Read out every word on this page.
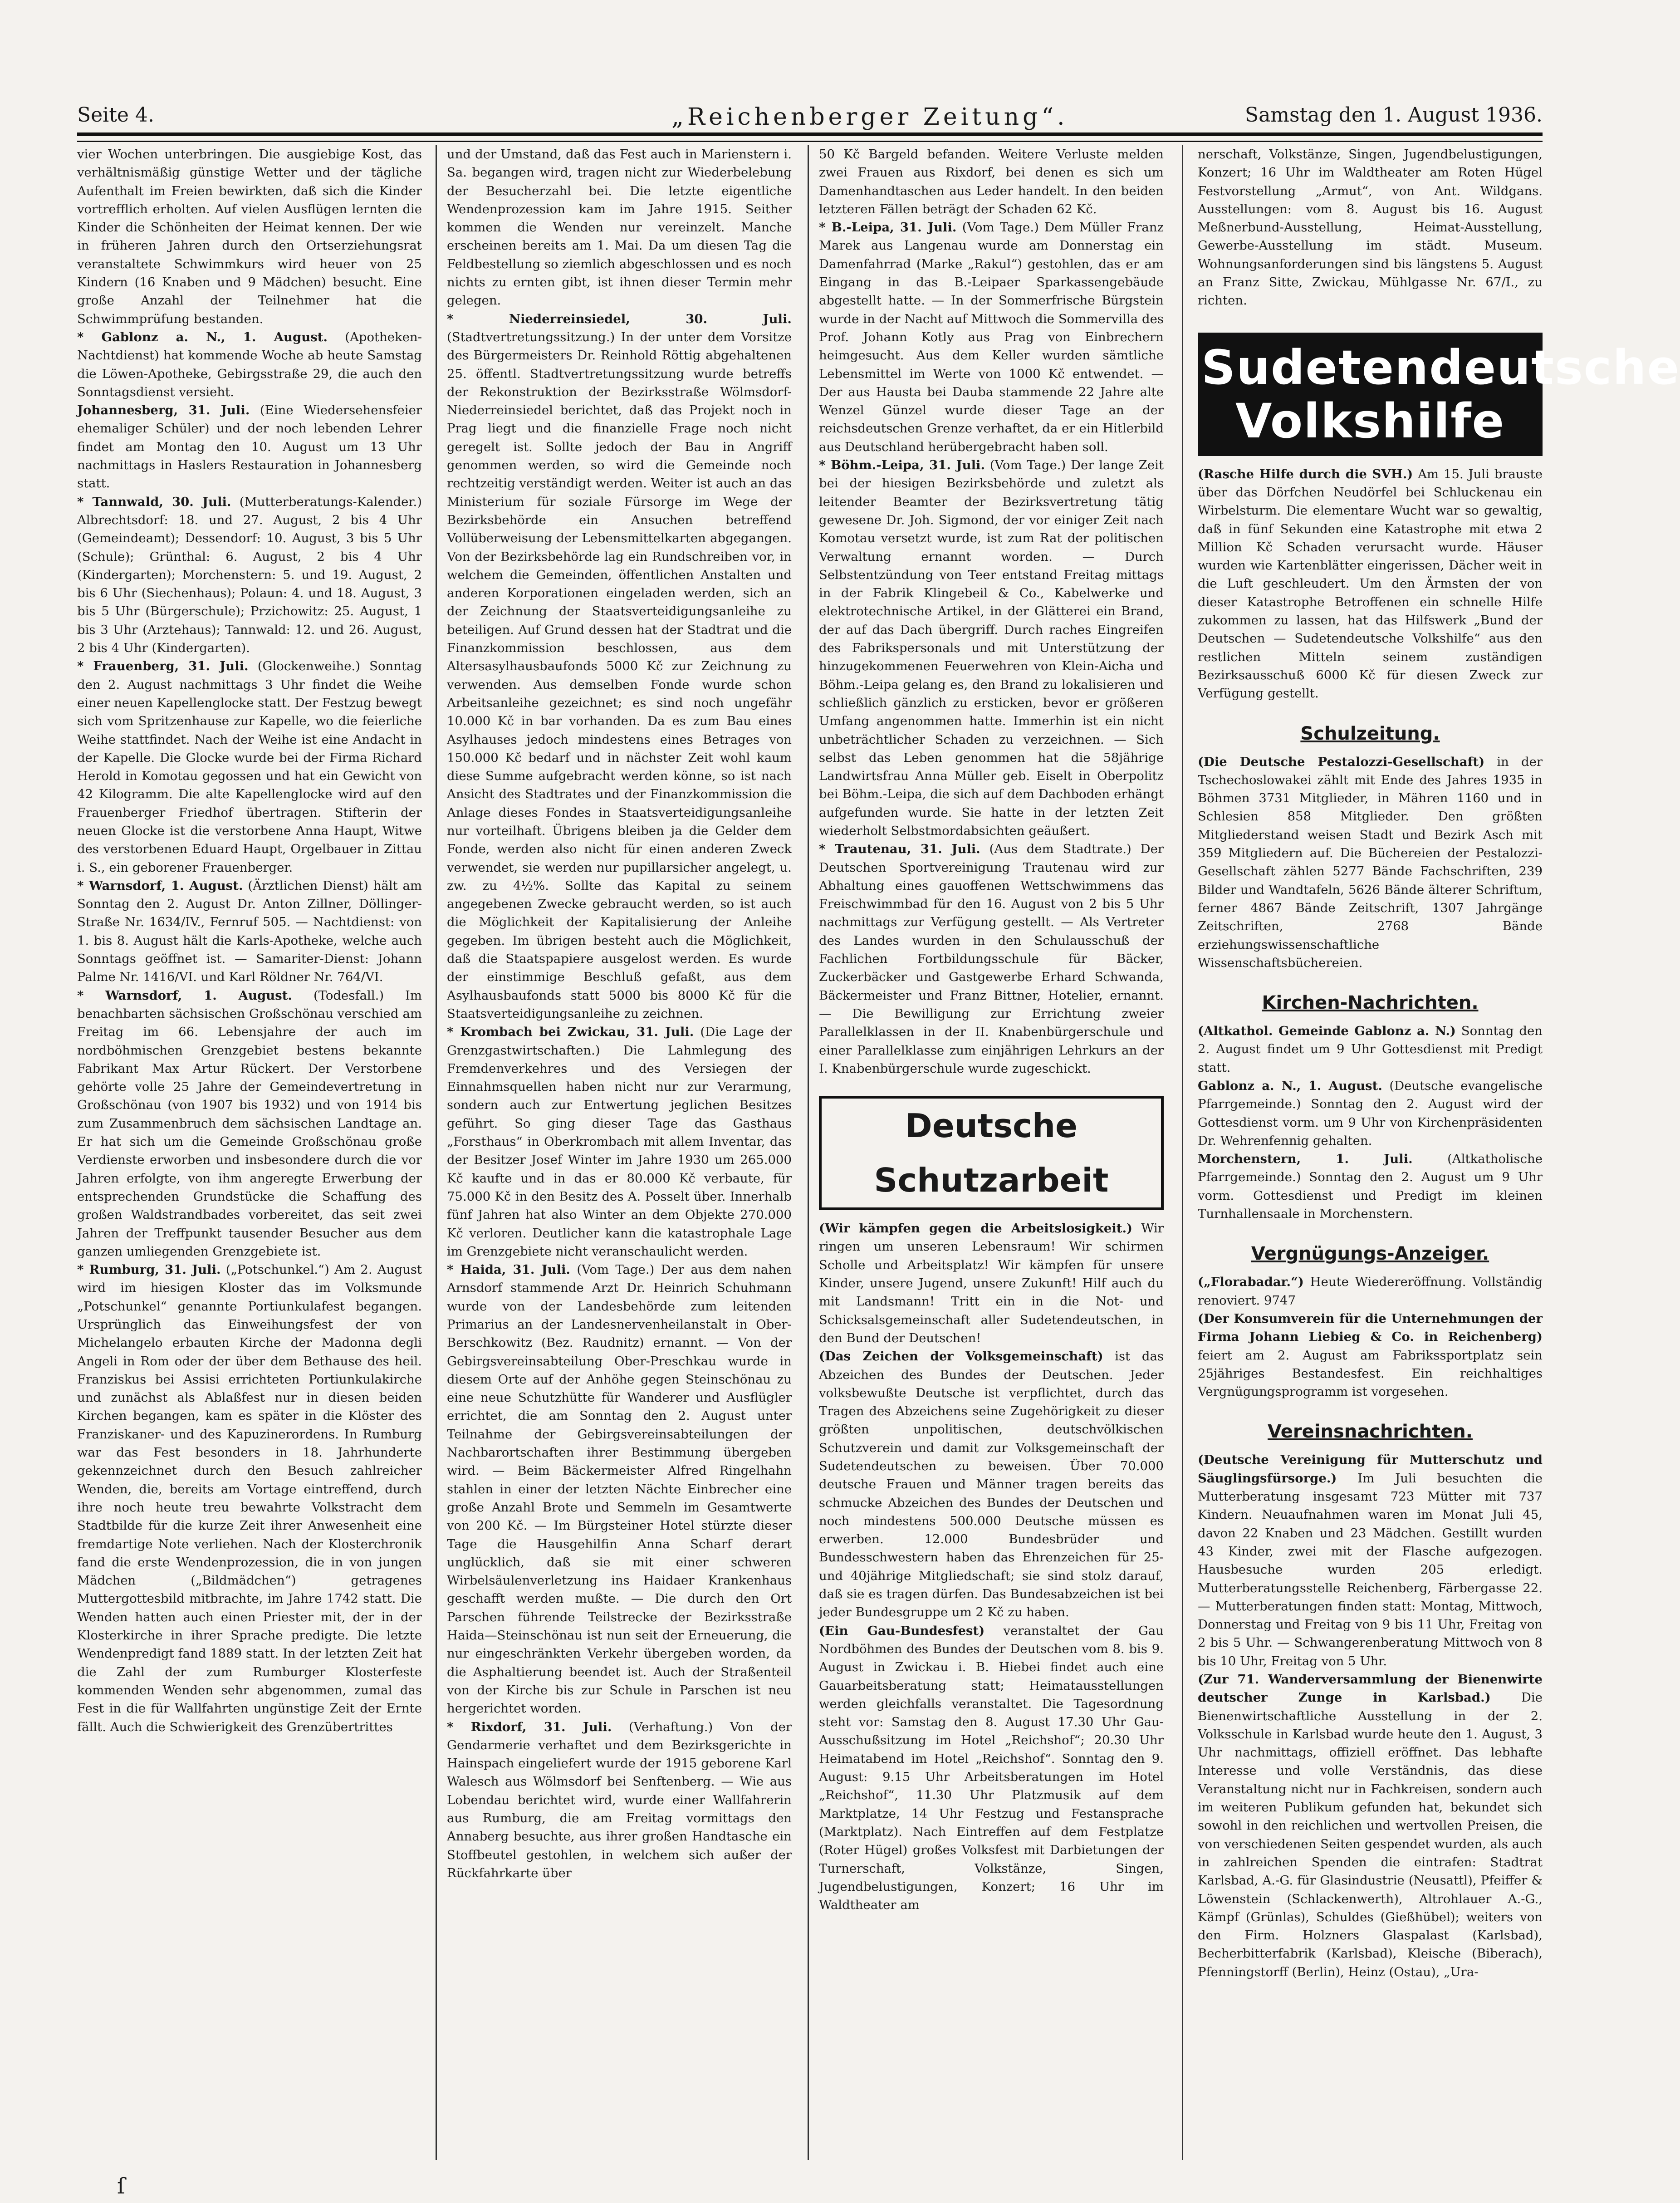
Seite 4.	„Reichenberger Zeitung“.	Samstag den 1. August 1936.

vier Wochen unterbringen. Die ausgiebige Kost, das verhältnismäßig günstige Wetter und der tägliche Aufenthalt im Freien bewirkten, daß sich die Kinder vortrefflich erholten. Auf vielen Ausflügen lernten die Kinder die Schönheiten der Heimat kennen. Der wie in früheren Jahren durch den Ortserziehungsrat veranstaltete Schwimmkurs wird heuer von 25 Kindern (16 Knaben und 9 Mädchen) besucht. Eine große Anzahl der Teilnehmer hat die Schwimmprüfung bestanden.

* Gablonz a. N., 1. August. (Apotheken-Nachtdienst) hat kommende Woche ab heute Samstag die Löwen-Apotheke, Gebirgsstraße 29, die auch den Sonntagsdienst versieht.

Johannesberg, 31. Juli. (Eine Wiedersehensfeier ehemaliger Schüler) und der noch lebenden Lehrer findet am Montag den 10. August um 13 Uhr nachmittags in Haslers Restauration in Johannesberg statt.

* Tannwald, 30. Juli. (Mutterberatungs-Kalender.) Albrechtsdorf: 18. und 27. August, 2 bis 4 Uhr (Gemeindeamt); Dessendorf: 10. August, 3 bis 5 Uhr (Schule); Grünthal: 6. August, 2 bis 4 Uhr (Kindergarten); Morchenstern: 5. und 19. August, 2 bis 6 Uhr (Siechenhaus); Polaun: 4. und 18. August, 3 bis 5 Uhr (Bürgerschule); Przichowitz: 25. August, 1 bis 3 Uhr (Arztehaus); Tannwald: 12. und 26. August, 2 bis 4 Uhr (Kindergarten).

* Frauenberg, 31. Juli. (Glockenweihe.) Sonntag den 2. August nachmittags 3 Uhr findet die Weihe einer neuen Kapellenglocke statt. Der Festzug bewegt sich vom Spritzenhause zur Kapelle, wo die feierliche Weihe stattfindet. Nach der Weihe ist eine Andacht in der Kapelle. Die Glocke wurde bei der Firma Richard Herold in Komotau gegossen und hat ein Gewicht von 42 Kilogramm. Die alte Kapellenglocke wird auf den Frauenberger Friedhof übertragen. Stifterin der neuen Glocke ist die verstorbene Anna Haupt, Witwe des verstorbenen Eduard Haupt, Orgelbauer in Zittau i. S., ein geborener Frauenberger.

* Warnsdorf, 1. August. (Ärztlichen Dienst) hält am Sonntag den 2. August Dr. Anton Zillner, Döllinger-Straße Nr. 1634/IV., Fernruf 505. — Nachtdienst: von 1. bis 8. August hält die Karls-Apotheke, welche auch Sonntags geöffnet ist. — Samariter-Dienst: Johann Palme Nr. 1416/VI. und Karl Röldner Nr. 764/VI.

* Warnsdorf, 1. August. (Todesfall.) Im benachbarten sächsischen Großschönau verschied am Freitag im 66. Lebensjahre der auch im nordböhmischen Grenzgebiet bestens bekannte Fabrikant Max Artur Rückert. Der Verstorbene gehörte volle 25 Jahre der Gemeindevertretung in Großschönau (von 1907 bis 1932) und von 1914 bis zum Zusammenbruch dem sächsischen Landtage an. Er hat sich um die Gemeinde Großschönau große Verdienste erworben und insbesondere durch die vor Jahren erfolgte, von ihm angeregte Erwerbung der entsprechenden Grundstücke die Schaffung des großen Waldstrandbades vorbereitet, das seit zwei Jahren der Treffpunkt tausender Besucher aus dem ganzen umliegenden Grenzgebiete ist.

* Rumburg, 31. Juli. („Potschunkel.“) Am 2. August wird im hiesigen Kloster das im Volksmunde „Potschunkel“ genannte Portiunkulafest begangen. Ursprünglich das Einweihungsfest der von Michelangelo erbauten Kirche der Madonna degli Angeli in Rom oder der über dem Bethause des heil. Franziskus bei Assisi errichteten Portiunkulakirche und zunächst als Ablaßfest nur in diesen beiden Kirchen begangen, kam es später in die Klöster des Franziskaner- und des Kapuzinerordens. In Rumburg war das Fest besonders in 18. Jahrhunderte gekennzeichnet durch den Besuch zahlreicher Wenden, die, bereits am Vortage eintreffend, durch ihre noch heute treu bewahrte Volkstracht dem Stadtbilde für die kurze Zeit ihrer Anwesenheit eine fremdartige Note verliehen. Nach der Klosterchronik fand die erste Wendenprozession, die in von jungen Mädchen („Bildmädchen“) getragenes Muttergottesbild mitbrachte, im Jahre 1742 statt. Die Wenden hatten auch einen Priester mit, der in der Klosterkirche in ihrer Sprache predigte. Die letzte Wendenpredigt fand 1889 statt. In der letzten Zeit hat die Zahl der zum Rumburger Klosterfeste kommenden Wenden sehr abgenommen, zumal das Fest in die für Wallfahrten ungünstige Zeit der Ernte fällt. Auch die Schwierigkeit des Grenzübertrittes

und der Umstand, daß das Fest auch in Marienstern i. Sa. begangen wird, tragen nicht zur Wiederbelebung der Besucherzahl bei. Die letzte eigentliche Wendenprozession kam im Jahre 1915. Seither kommen die Wenden nur vereinzelt. Manche erscheinen bereits am 1. Mai. Da um diesen Tag die Feldbestellung so ziemlich abgeschlossen und es noch nichts zu ernten gibt, ist ihnen dieser Termin mehr gelegen.

* Niederreinsiedel, 30. Juli. (Stadtvertretungssitzung.) In der unter dem Vorsitze des Bürgermeisters Dr. Reinhold Röttig abgehaltenen 25. öffentl. Stadtvertretungssitzung wurde betreffs der Rekonstruktion der Bezirksstraße Wölmsdorf-Niederreinsiedel berichtet, daß das Projekt noch in Prag liegt und die finanzielle Frage noch nicht geregelt ist. Sollte jedoch der Bau in Angriff genommen werden, so wird die Gemeinde noch rechtzeitig verständigt werden. Weiter ist auch an das Ministerium für soziale Fürsorge im Wege der Bezirksbehörde ein Ansuchen betreffend Vollüberweisung der Lebensmittelkarten abgegangen. Von der Bezirksbehörde lag ein Rundschreiben vor, in welchem die Gemeinden, öffentlichen Anstalten und anderen Korporationen eingeladen werden, sich an der Zeichnung der Staatsverteidigungsanleihe zu beteiligen. Auf Grund dessen hat der Stadtrat und die Finanzkommission beschlossen, aus dem Altersasylhausbaufonds 5000 Kč zur Zeichnung zu verwenden. Aus demselben Fonde wurde schon Arbeitsanleihe gezeichnet; es sind noch ungefähr 10.000 Kč in bar vorhanden. Da es zum Bau eines Asylhauses jedoch mindestens eines Betrages von 150.000 Kč bedarf und in nächster Zeit wohl kaum diese Summe aufgebracht werden könne, so ist nach Ansicht des Stadtrates und der Finanzkommission die Anlage dieses Fondes in Staatsverteidigungsanleihe nur vorteilhaft. Übrigens bleiben ja die Gelder dem Fonde, werden also nicht für einen anderen Zweck verwendet, sie werden nur pupillarsicher angelegt, u. zw. zu 4½%. Sollte das Kapital zu seinem angegebenen Zwecke gebraucht werden, so ist auch die Möglichkeit der Kapitalisierung der Anleihe gegeben. Im übrigen besteht auch die Möglichkeit, daß die Staatspapiere ausgelost werden. Es wurde der einstimmige Beschluß gefaßt, aus dem Asylhausbaufonds statt 5000 bis 8000 Kč für die Staatsverteidigungsanleihe zu zeichnen.

* Krombach bei Zwickau, 31. Juli. (Die Lage der Grenzgastwirtschaften.) Die Lahmlegung des Fremdenverkehres und des Versiegen der Einnahmsquellen haben nicht nur zur Verarmung, sondern auch zur Entwertung jeglichen Besitzes geführt. So ging dieser Tage das Gasthaus „Forsthaus“ in Oberkrombach mit allem Inventar, das der Besitzer Josef Winter im Jahre 1930 um 265.000 Kč kaufte und in das er 80.000 Kč verbaute, für 75.000 Kč in den Besitz des A. Posselt über. Innerhalb fünf Jahren hat also Winter an dem Objekte 270.000 Kč verloren. Deutlicher kann die katastrophale Lage im Grenzgebiete nicht veranschaulicht werden.

* Haida, 31. Juli. (Vom Tage.) Der aus dem nahen Arnsdorf stammende Arzt Dr. Heinrich Schuhmann wurde von der Landesbehörde zum leitenden Primarius an der Landesnervenheilanstalt in Ober-Berschkowitz (Bez. Raudnitz) ernannt. — Von der Gebirgsvereinsabteilung Ober-Preschkau wurde in diesem Orte auf der Anhöhe gegen Steinschönau zu eine neue Schutzhütte für Wanderer und Ausflügler errichtet, die am Sonntag den 2. August unter Teilnahme der Gebirgsvereinsabteilungen der Nachbarortschaften ihrer Bestimmung übergeben wird. — Beim Bäckermeister Alfred Ringelhahn stahlen in einer der letzten Nächte Einbrecher eine große Anzahl Brote und Semmeln im Gesamtwerte von 200 Kč. — Im Bürgsteiner Hotel stürzte dieser Tage die Hausgehilfin Anna Scharf derart unglücklich, daß sie mit einer schweren Wirbelsäulenverletzung ins Haidaer Krankenhaus geschafft werden mußte. — Die durch den Ort Parschen führende Teilstrecke der Bezirksstraße Haida—Steinschönau ist nun seit der Erneuerung, die nur eingeschränkten Verkehr übergeben worden, da die Asphaltierung beendet ist. Auch der Straßenteil von der Kirche bis zur Schule in Parschen ist neu hergerichtet worden.

* Rixdorf, 31. Juli. (Verhaftung.) Von der Gendarmerie verhaftet und dem Bezirksgerichte in Hainspach eingeliefert wurde der 1915 geborene Karl Walesch aus Wölmsdorf bei Senftenberg. — Wie aus Lobendau berichtet wird, wurde einer Wallfahrerin aus Rumburg, die am Freitag vormittags den Annaberg besuchte, aus ihrer großen Handtasche ein Stoffbeutel gestohlen, in welchem sich außer der Rückfahrkarte über

50 Kč Bargeld befanden. Weitere Verluste melden zwei Frauen aus Rixdorf, bei denen es sich um Damenhandtaschen aus Leder handelt. In den beiden letzteren Fällen beträgt der Schaden 62 Kč.

* B.-Leipa, 31. Juli. (Vom Tage.) Dem Müller Franz Marek aus Langenau wurde am Donnerstag ein Damenfahrrad (Marke „Rakul“) gestohlen, das er am Eingang in das B.-Leipaer Sparkassengebäude abgestellt hatte. — In der Sommerfrische Bürgstein wurde in der Nacht auf Mittwoch die Sommervilla des Prof. Johann Kotly aus Prag von Einbrechern heimgesucht. Aus dem Keller wurden sämtliche Lebensmittel im Werte von 1000 Kč entwendet. — Der aus Hausta bei Dauba stammende 22 Jahre alte Wenzel Günzel wurde dieser Tage an der reichsdeutschen Grenze verhaftet, da er ein Hitlerbild aus Deutschland herübergebracht haben soll.

* Böhm.-Leipa, 31. Juli. (Vom Tage.) Der lange Zeit bei der hiesigen Bezirksbehörde und zuletzt als leitender Beamter der Bezirksvertretung tätig gewesene Dr. Joh. Sigmond, der vor einiger Zeit nach Komotau versetzt wurde, ist zum Rat der politischen Verwaltung ernannt worden. — Durch Selbstentzündung von Teer entstand Freitag mittags in der Fabrik Klingebeil & Co., Kabelwerke und elektrotechnische Artikel, in der Glätterei ein Brand, der auf das Dach übergriff. Durch raches Eingreifen des Fabrikspersonals und mit Unterstützung der hinzugekommenen Feuerwehren von Klein-Aicha und Böhm.-Leipa gelang es, den Brand zu lokalisieren und schließlich gänzlich zu ersticken, bevor er größeren Umfang angenommen hatte. Immerhin ist ein nicht unbeträchtlicher Schaden zu verzeichnen. — Sich selbst das Leben genommen hat die 58jährige Landwirtsfrau Anna Müller geb. Eiselt in Oberpolitz bei Böhm.-Leipa, die sich auf dem Dachboden erhängt aufgefunden wurde. Sie hatte in der letzten Zeit wiederholt Selbstmordabsichten geäußert.

* Trautenau, 31. Juli. (Aus dem Stadtrate.) Der Deutschen Sportvereinigung Trautenau wird zur Abhaltung eines gauoffenen Wettschwimmens das Freischwimmbad für den 16. August von 2 bis 5 Uhr nachmittags zur Verfügung gestellt. — Als Vertreter des Landes wurden in den Schulausschuß der Fachlichen Fortbildungsschule für Bäcker, Zuckerbäcker und Gastgewerbe Erhard Schwanda, Bäckermeister und Franz Bittner, Hotelier, ernannt. — Die Bewilligung zur Errichtung zweier Parallelklassen in der II. Knabenbürgerschule und einer Parallelklasse zum einjährigen Lehrkurs an der I. Knabenbürgerschule wurde zugeschickt.

Deutsche Schutzarbeit

(Wir kämpfen gegen die Arbeitslosigkeit.) Wir ringen um unseren Lebensraum! Wir schirmen Scholle und Arbeitsplatz! Wir kämpfen für unsere Kinder, unsere Jugend, unsere Zukunft! Hilf auch du mit Landsmann! Tritt ein in die Not- und Schicksalsgemeinschaft aller Sudetendeutschen, in den Bund der Deutschen!

(Das Zeichen der Volksgemeinschaft) ist das Abzeichen des Bundes der Deutschen. Jeder volksbewußte Deutsche ist verpflichtet, durch das Tragen des Abzeichens seine Zugehörigkeit zu dieser größten unpolitischen, deutschvölkischen Schutzverein und damit zur Volksgemeinschaft der Sudetendeutschen zu beweisen. Über 70.000 deutsche Frauen und Männer tragen bereits das schmucke Abzeichen des Bundes der Deutschen und noch mindestens 500.000 Deutsche müssen es erwerben. 12.000 Bundesbrüder und Bundesschwestern haben das Ehrenzeichen für 25- und 40jährige Mitgliedschaft; sie sind stolz darauf, daß sie es tragen dürfen. Das Bundesabzeichen ist bei jeder Bundesgruppe um 2 Kč zu haben.

(Ein Gau-Bundesfest) veranstaltet der Gau Nordböhmen des Bundes der Deutschen vom 8. bis 9. August in Zwickau i. B. Hiebei findet auch eine Gauarbeitsberatung statt; Heimatausstellungen werden gleichfalls veranstaltet. Die Tagesordnung steht vor: Samstag den 8. August 17.30 Uhr Gau-Ausschußsitzung im Hotel „Reichshof“; 20.30 Uhr Heimatabend im Hotel „Reichshof“. Sonntag den 9. August: 9.15 Uhr Arbeitsberatungen im Hotel „Reichshof“, 11.30 Uhr Platzmusik auf dem Marktplatze, 14 Uhr Festzug und Festansprache (Marktplatz). Nach Eintreffen auf dem Festplatze (Roter Hügel) großes Volksfest mit Darbietungen der Turnerschaft, Volkstänze, Singen, Jugendbelustigungen, Konzert; 16 Uhr im Waldtheater am

nerschaft, Volkstänze, Singen, Jugendbelustigungen, Konzert; 16 Uhr im Waldtheater am Roten Hügel Festvorstellung „Armut“, von Ant. Wildgans. Ausstellungen: vom 8. August bis 16. August Meßnerbund-Ausstellung, Heimat-Ausstellung, Gewerbe-Ausstellung im städt. Museum. Wohnungsanforderungen sind bis längstens 5. August an Franz Sitte, Zwickau, Mühlgasse Nr. 67/I., zu richten.

Sudetendeutsche Volkshilfe

(Rasche Hilfe durch die SVH.) Am 15. Juli brauste über das Dörfchen Neudörfel bei Schluckenau ein Wirbelsturm. Die elementare Wucht war so gewaltig, daß in fünf Sekunden eine Katastrophe mit etwa 2 Million Kč Schaden verursacht wurde. Häuser wurden wie Kartenblätter eingerissen, Dächer weit in die Luft geschleudert. Um den Ärmsten der von dieser Katastrophe Betroffenen ein schnelle Hilfe zukommen zu lassen, hat das Hilfswerk „Bund der Deutschen — Sudetendeutsche Volkshilfe“ aus den restlichen Mitteln seinem zuständigen Bezirksausschuß 6000 Kč für diesen Zweck zur Verfügung gestellt.

Schulzeitung.

(Die Deutsche Pestalozzi-Gesellschaft) in der Tschechoslowakei zählt mit Ende des Jahres 1935 in Böhmen 3731 Mitglieder, in Mähren 1160 und in Schlesien 858 Mitglieder. Den größten Mitgliederstand weisen Stadt und Bezirk Asch mit 359 Mitgliedern auf. Die Büchereien der Pestalozzi-Gesellschaft zählen 5277 Bände Fachschriften, 239 Bilder und Wandtafeln, 5626 Bände älterer Schriftum, ferner 4867 Bände Zeitschrift, 1307 Jahrgänge Zeitschriften, 2768 Bände erziehungswissenschaftliche Wissenschaftsbüchereien.

Kirchen-Nachrichten.

(Altkathol. Gemeinde Gablonz a. N.) Sonntag den 2. August findet um 9 Uhr Gottesdienst mit Predigt statt.

Gablonz a. N., 1. August. (Deutsche evangelische Pfarrgemeinde.) Sonntag den 2. August wird der Gottesdienst vorm. um 9 Uhr von Kirchenpräsidenten Dr. Wehrenfennig gehalten.

Morchenstern, 1. Juli. (Altkatholische Pfarrgemeinde.) Sonntag den 2. August um 9 Uhr vorm. Gottesdienst und Predigt im kleinen Turnhallensaale in Morchenstern.

Vergnügungs-Anzeiger.

(„Florabadar.“) Heute Wiedereröffnung. Vollständig renoviert. 9747

(Der Konsumverein für die Unternehmungen der Firma Johann Liebieg & Co. in Reichenberg) feiert am 2. August am Fabrikssportplatz sein 25jähriges Bestandesfest. Ein reichhaltiges Vergnügungsprogramm ist vorgesehen.

Vereinsnachrichten.

(Deutsche Vereinigung für Mutterschutz und Säuglingsfürsorge.) Im Juli besuchten die Mutterberatung insgesamt 723 Mütter mit 737 Kindern. Neuaufnahmen waren im Monat Juli 45, davon 22 Knaben und 23 Mädchen. Gestillt wurden 43 Kinder, zwei mit der Flasche aufgezogen. Hausbesuche wurden 205 erledigt. Mutterberatungsstelle Reichenberg, Färbergasse 22. — Mutterberatungen finden statt: Montag, Mittwoch, Donnerstag und Freitag von 9 bis 11 Uhr, Freitag von 2 bis 5 Uhr. — Schwangerenberatung Mittwoch von 8 bis 10 Uhr, Freitag von 5 Uhr.

(Zur 71. Wanderversammlung der Bienenwirte deutscher Zunge in Karlsbad.) Die Bienenwirtschaftliche Ausstellung in der 2. Volksschule in Karlsbad wurde heute den 1. August, 3 Uhr nachmittags, offiziell eröffnet. Das lebhafte Interesse und volle Verständnis, das diese Veranstaltung nicht nur in Fachkreisen, sondern auch im weiteren Publikum gefunden hat, bekundet sich sowohl in den reichlichen und wertvollen Preisen, die von verschiedenen Seiten gespendet wurden, als auch in zahlreichen Spenden die eintrafen: Stadtrat Karlsbad, A.-G. für Glasindustrie (Neusattl), Pfeiffer & Löwenstein (Schlackenwerth), Altrohlauer A.-G., Kämpf (Grünlas), Schuldes (Gießhübel); weiters von den Firm. Holzners Glaspalast (Karlsbad), Becherbitterfabrik (Karlsbad), Kleische (Biberach), Pfenningstorff (Berlin), Heinz (Ostau), „Ura-

ſ
